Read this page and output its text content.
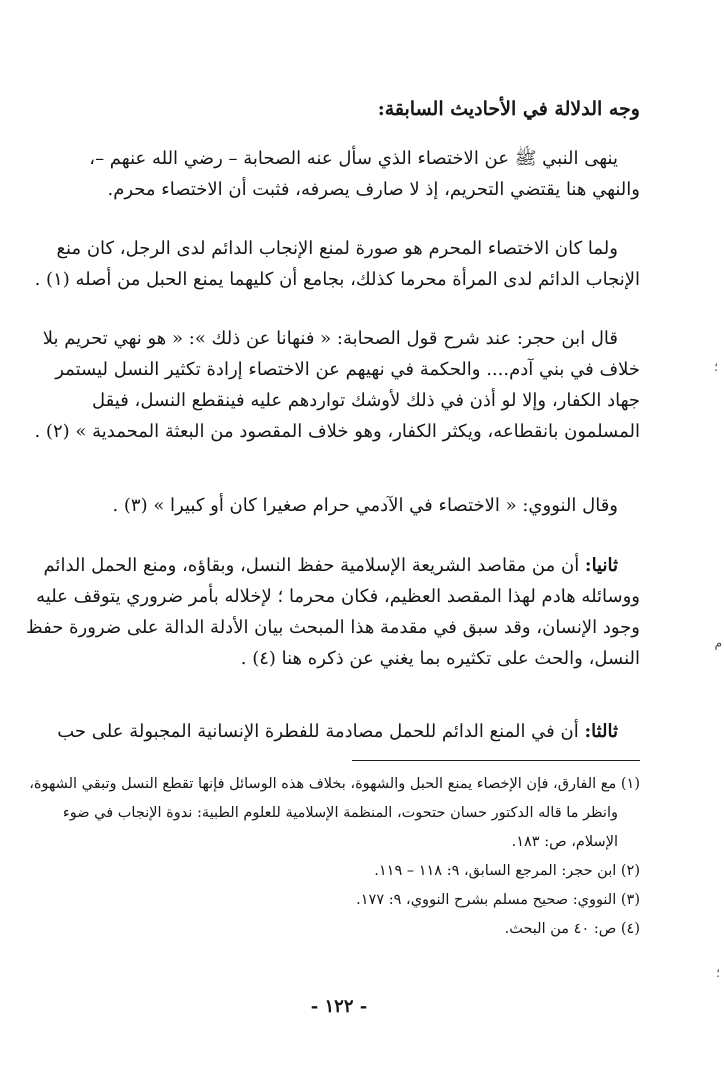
وجه الدلالة في الأحاديث السابقة:
ينهى النبي ﷺ عن الاختصاء الذي سأل عنه الصحابة – رضي الله عنهم –،
والنهي هنا يقتضي التحريم، إذ لا صارف يصرفه، فثبت أن الاختصاء محرم.
ولما كان الاختصاء المحرم هو صورة لمنع الإنجاب الدائم لدى الرجل، كان منع
الإنجاب الدائم لدى المرأة محرما كذلك، بجامع أن كليهما يمنع الحبل من أصله (١) .
قال ابن حجر: عند شرح قول الصحابة: « فنهانا عن ذلك »: « هو نهي تحريم بلا
خلاف في بني آدم.... والحكمة في نهيهم عن الاختصاء إرادة تكثير النسل ليستمر
جهاد الكفار، وإلا لو أذن في ذلك لأوشك تواردهم عليه فينقطع النسل، فيقل
المسلمون بانقطاعه، ويكثر الكفار، وهو خلاف المقصود من البعثة المحمدية » (٢) .
وقال النووي: « الاختصاء في الآدمي حرام صغيرا كان أو كبيرا » (٣) .
ثانيا: أن من مقاصد الشريعة الإسلامية حفظ النسل، وبقاؤه، ومنع الحمل الدائم
ووسائله هادم لهذا المقصد العظيم، فكان محرما ؛ لإخلاله بأمر ضروري يتوقف عليه
وجود الإنسان، وقد سبق في مقدمة هذا المبحث بيان الأدلة الدالة على ضرورة حفظ
النسل، والحث على تكثيره بما يغني عن ذكره هنا (٤) .
ثالثا: أن في المنع الدائم للحمل مصادمة للفطرة الإنسانية المجبولة على حب
(١) مع الفارق، فإن الإخصاء يمنع الحبل والشهوة، بخلاف هذه الوسائل فإنها تقطع النسل وتبقي الشهوة،
وانظر ما قاله الدكتور حسان حتحوت، المنظمة الإسلامية للعلوم الطبية: ندوة الإنجاب في ضوء
الإسلام، ص: ١٨٣.
(٢) ابن حجر: المرجع السابق، ٩: ١١٨ – ١١٩.
(٣) النووي: صحيح مسلم بشرح النووي، ٩: ١٧٧.
(٤) ص: ٤٠ من البحث.
- ١٢٢ -
؛
م
؛
